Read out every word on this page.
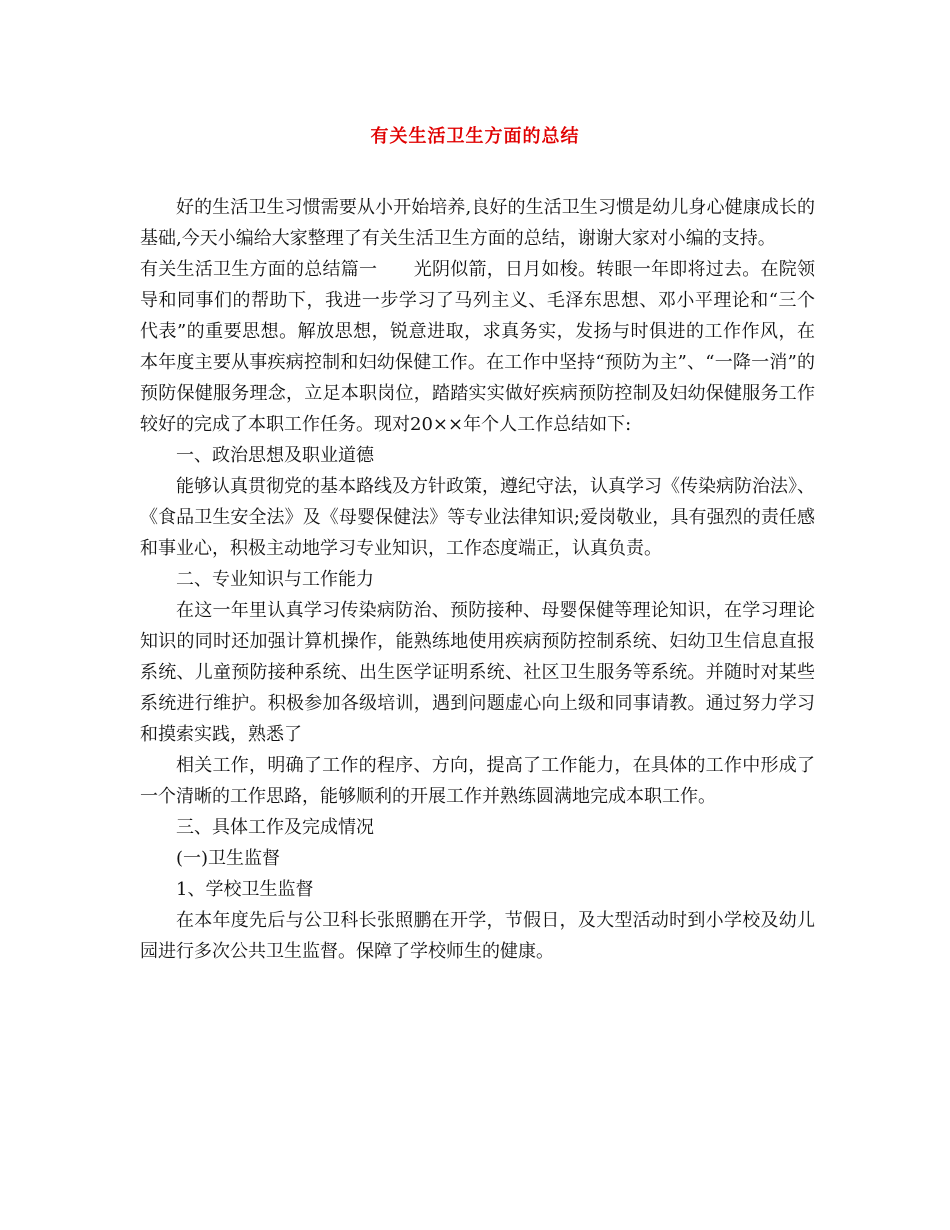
有关生活卫生方面的总结

好的生活卫生习惯需要从小开始培养,良好的生活卫生习惯是幼儿身心健康成长的基础,今天小编给大家整理了有关生活卫生方面的总结，谢谢大家对小编的支持。

有关生活卫生方面的总结篇一　　光阴似箭，日月如梭。转眼一年即将过去。在院领导和同事们的帮助下，我进一步学习了马列主义、毛泽东思想、邓小平理论和“三个代表”的重要思想。解放思想，锐意进取，求真务实，发扬与时俱进的工作作风，在本年度主要从事疾病控制和妇幼保健工作。在工作中坚持“预防为主”、“一降一消”的预防保健服务理念，立足本职岗位，踏踏实实做好疾病预防控制及妇幼保健服务工作较好的完成了本职工作任务。现对20××年个人工作总结如下:

一、政治思想及职业道德

能够认真贯彻党的基本路线及方针政策，遵纪守法，认真学习《传染病防治法》、《食品卫生安全法》及《母婴保健法》等专业法律知识;爱岗敬业，具有强烈的责任感和事业心，积极主动地学习专业知识，工作态度端正，认真负责。

二、专业知识与工作能力

在这一年里认真学习传染病防治、预防接种、母婴保健等理论知识，在学习理论知识的同时还加强计算机操作，能熟练地使用疾病预防控制系统、妇幼卫生信息直报系统、儿童预防接种系统、出生医学证明系统、社区卫生服务等系统。并随时对某些系统进行维护。积极参加各级培训，遇到问题虚心向上级和同事请教。通过努力学习和摸索实践，熟悉了

相关工作，明确了工作的程序、方向，提高了工作能力，在具体的工作中形成了一个清晰的工作思路，能够顺利的开展工作并熟练圆满地完成本职工作。

三、具体工作及完成情况

(一)卫生监督

1、学校卫生监督

在本年度先后与公卫科长张照鹏在开学，节假日，及大型活动时到小学校及幼儿园进行多次公共卫生监督。保障了学校师生的健康。
